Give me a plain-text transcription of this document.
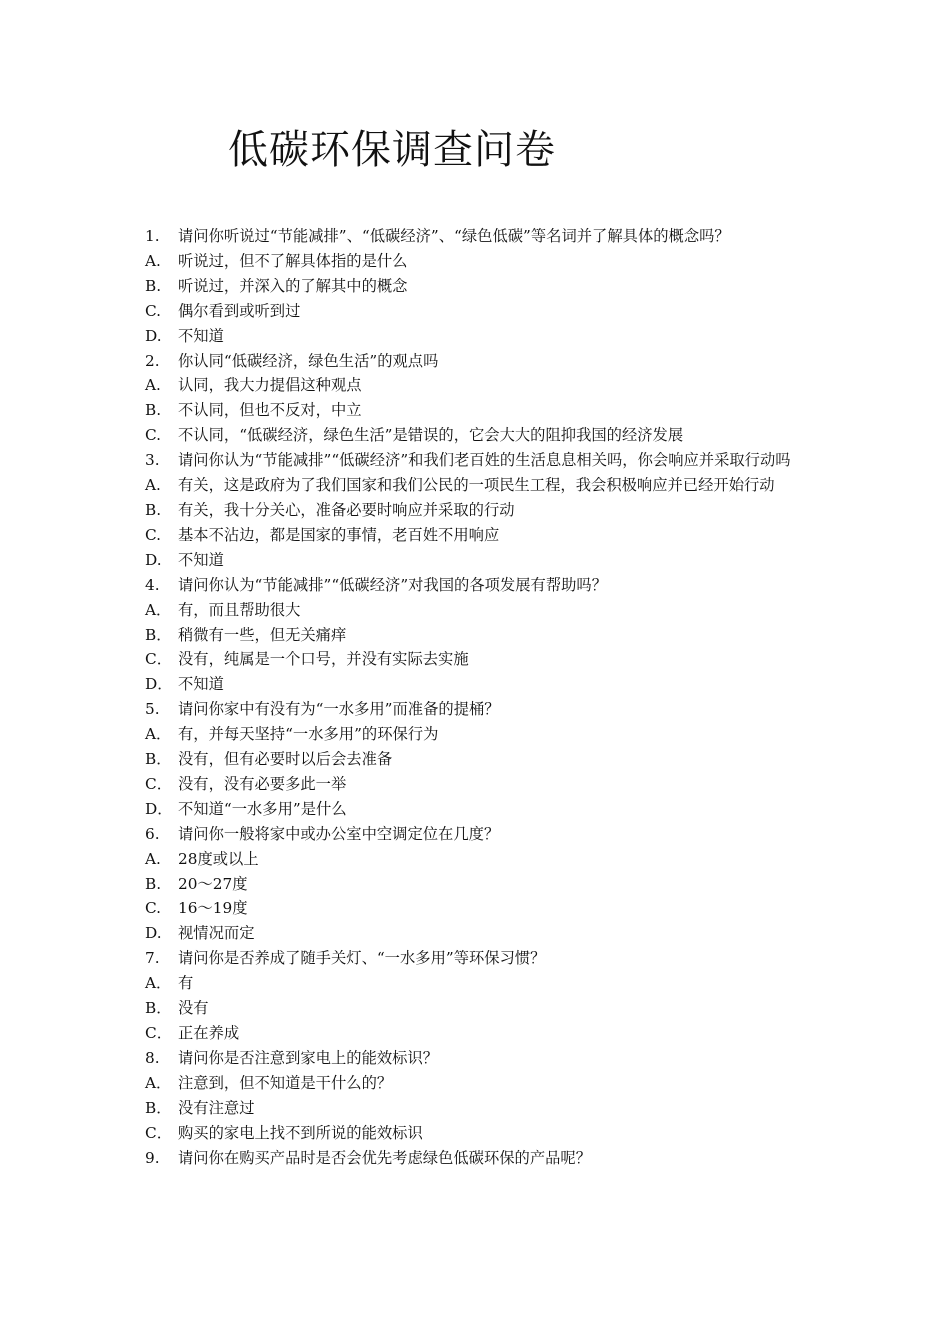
低碳环保调查问卷
1. 请问你听说过“节能减排”、“低碳经济”、“绿色低碳”等名词并了解具体的概念吗？
A. 听说过，但不了解具体指的是什么
B. 听说过，并深入的了解其中的概念
C. 偶尔看到或听到过
D. 不知道
2. 你认同“低碳经济，绿色生活”的观点吗
A. 认同，我大力提倡这种观点
B. 不认同，但也不反对，中立
C. 不认同，“低碳经济，绿色生活”是错误的，它会大大的阻抑我国的经济发展
3. 请问你认为“节能减排”“低碳经济”和我们老百姓的生活息息相关吗，你会响应并采取行动吗
A. 有关，这是政府为了我们国家和我们公民的一项民生工程，我会积极响应并已经开始行动
B. 有关，我十分关心，准备必要时响应并采取的行动
C. 基本不沾边，都是国家的事情，老百姓不用响应
D. 不知道
4. 请问你认为“节能减排”“低碳经济”对我国的各项发展有帮助吗？
A． 有，而且帮助很大
B． 稍微有一些，但无关痛痒
C． 没有，纯属是一个口号，并没有实际去实施
D． 不知道
5. 请问你家中有没有为“一水多用”而准备的提桶？
A． 有，并每天坚持“一水多用”的环保行为
B． 没有，但有必要时以后会去准备
C． 没有，没有必要多此一举
D． 不知道“一水多用”是什么
6. 请问你一般将家中或办公室中空调定位在几度？
A. 28度或以上
B. 20～27度
C. 16～19度
D. 视情况而定
7. 请问你是否养成了随手关灯、“一水多用”等环保习惯？
A． 有
B． 没有
C． 正在养成
8. 请问你是否注意到家电上的能效标识？
A． 注意到，但不知道是干什么的？
B． 没有注意过
C． 购买的家电上找不到所说的能效标识
9. 请问你在购买产品时是否会优先考虑绿色低碳环保的产品呢？
